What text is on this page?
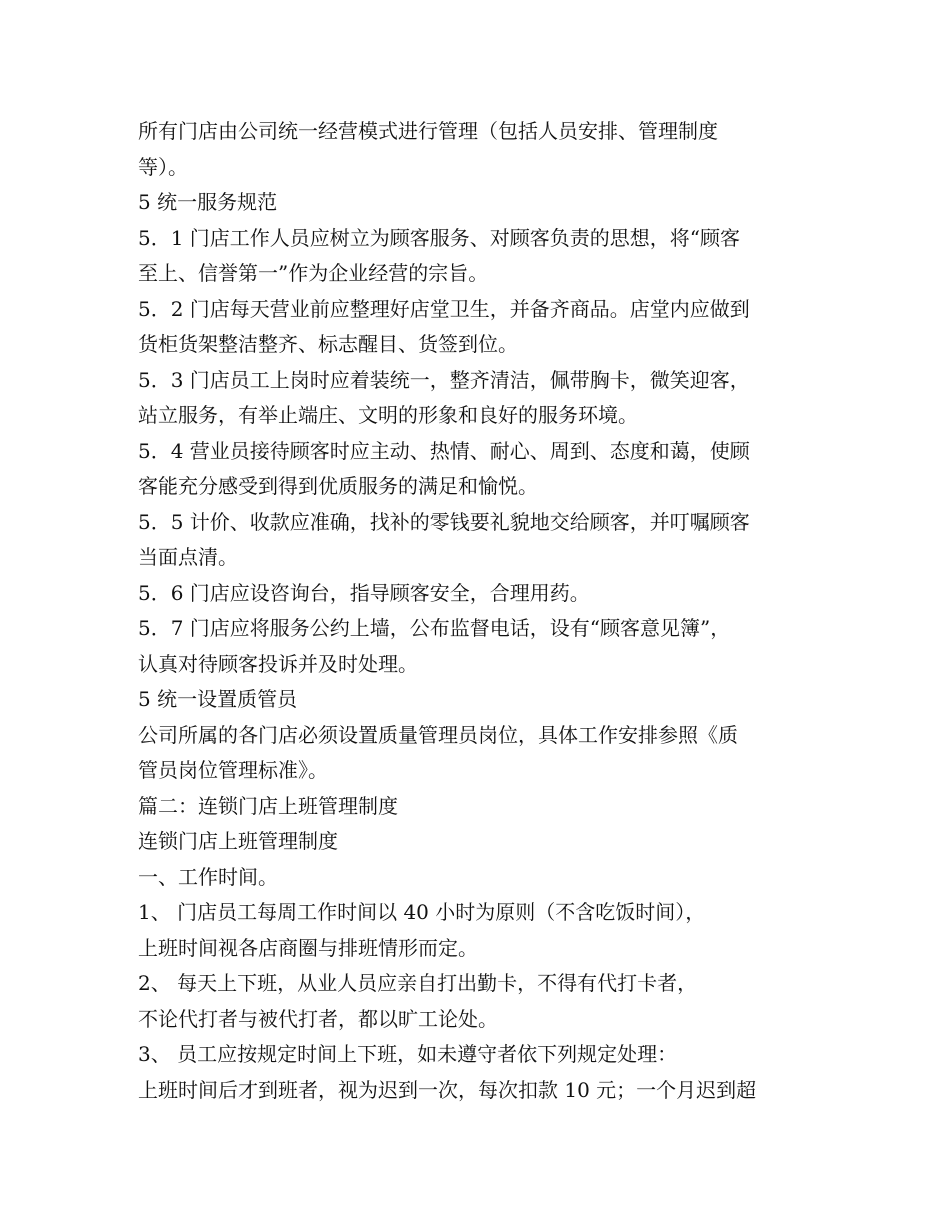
所有门店由公司统一经营模式进行管理（包括人员安排、管理制度
等）。
5 统一服务规范
5．1 门店工作人员应树立为顾客服务、对顾客负责的思想，将“顾客
至上、信誉第一”作为企业经营的宗旨。
5．2 门店每天营业前应整理好店堂卫生，并备齐商品。店堂内应做到
货柜货架整洁整齐、标志醒目、货签到位。
5．3 门店员工上岗时应着装统一，整齐清洁，佩带胸卡，微笑迎客，
站立服务，有举止端庄、文明的形象和良好的服务环境。
5．4 营业员接待顾客时应主动、热情、耐心、周到、态度和蔼，使顾
客能充分感受到得到优质服务的满足和愉悦。
5．5 计价、收款应准确，找补的零钱要礼貌地交给顾客，并叮嘱顾客
当面点清。
5．6 门店应设咨询台，指导顾客安全，合理用药。
5．7 门店应将服务公约上墙，公布监督电话，设有“顾客意见簿”，
认真对待顾客投诉并及时处理。
5 统一设置质管员
公司所属的各门店必须设置质量管理员岗位，具体工作安排参照《质
管员岗位管理标准》。
篇二：连锁门店上班管理制度
连锁门店上班管理制度
一、工作时间。
1、 门店员工每周工作时间以 40 小时为原则（不含吃饭时间），
上班时间视各店商圈与排班情形而定。
2、 每天上下班，从业人员应亲自打出勤卡，不得有代打卡者，
不论代打者与被代打者，都以旷工论处。
3、 员工应按规定时间上下班，如未遵守者依下列规定处理：
上班时间后才到班者，视为迟到一次，每次扣款 10 元；一个月迟到超
